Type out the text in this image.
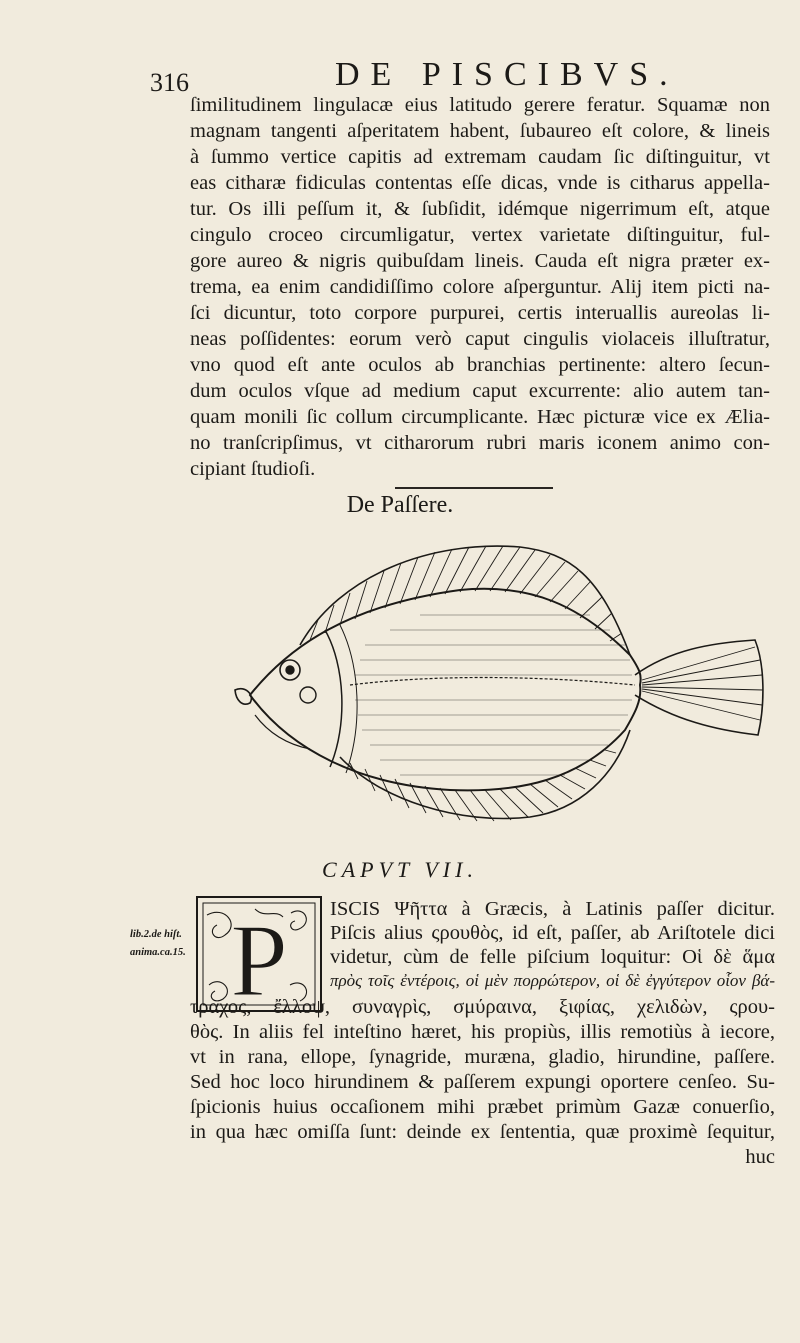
316	DE PISCIBVS.
ſimilitudinem lingulacæ eius latitudo gerere feratur. Squamæ non
magnam tangenti aſperitatem habent, ſubaureo eſt colore, & lineis
à ſummo vertice capitis ad extremam caudam ſic diſtinguitur, vt
eas citharæ fidiculas contentas eſſe dicas, vnde is citharus appella-
tur. Os illi peſſum it, & ſubſidit, idémque nigerrimum eſt, atque
cingulo croceo circumligatur, vertex varietate diſtinguitur, ful-
gore aureo & nigris quibuſdam lineis. Cauda eſt nigra præter ex-
trema, ea enim candidiſſimo colore aſperguntur. Alij item picti na-
ſci dicuntur, toto corpore purpurei, certis interuallis aureolas li-
neas poſſidentes: eorum verò caput cingulis violaceis illuſtratur,
vno quod eſt ante oculos ab branchias pertinente: altero ſecun-
dum oculos vſque ad medium caput excurrente: alio autem tan-
quam monili ſic collum circumplicante. Hæc picturæ vice ex Ælia-
no tranſcripſimus, vt citharorum rubri maris iconem animo con-
cipiant ſtudioſi.
De Paſſere.
CAPVT VII.
lib.2.de hiſt.
anima.ca.15. P ISCIS Ψῆττα à Græcis, à Latinis paſſer dicitur.
Piſcis alius ςρουθὸς, id eſt, paſſer, ab Ariſtotele dici
videtur, cùm de felle piſcium loquitur: Οἱ δὲ ἅμα
πρὸς τοῖς ἐντέροις, οἱ μὲν πορρώτερον, οἱ δὲ ἐγγύτερον οἷον βά-
τραχος, ἔλλοψ, συναγρὶς, σμύραινα, ξιφίας, χελιδὼν, ςρου-
θὸς. In aliis fel inteſtino hæret, his propiùs, illis remotiùs à iecore,
vt in rana, ellope, ſynagride, muræna, gladio, hirundine, paſſere.
Sed hoc loco hirundinem & paſſerem expungi oportere cenſeo. Su-
ſpicionis huius occaſionem mihi præbet primùm Gazæ conuerſio,
in qua hæc omiſſa ſunt: deinde ex ſententia, quæ proximè ſequitur,
huc
